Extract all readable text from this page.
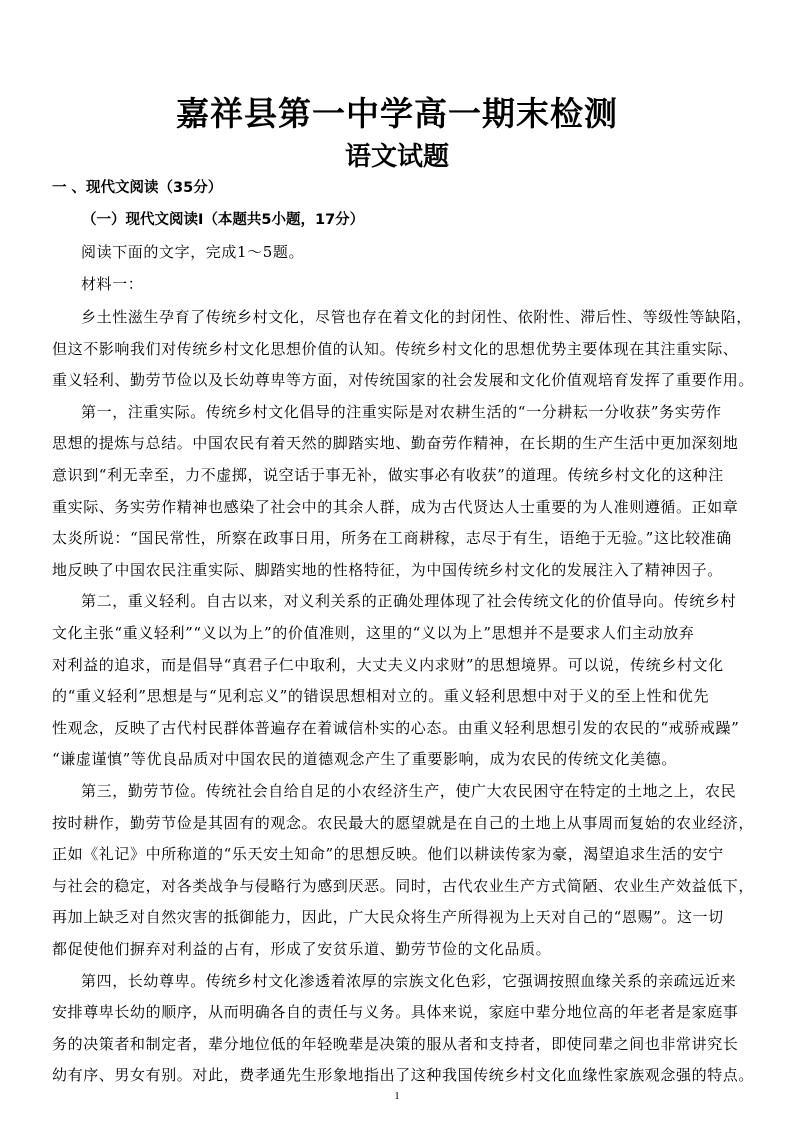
嘉祥县第一中学高一期末检测
语文试题
一 、现代文阅读（35分）
（一）现代文阅读Ⅰ（本题共5小题，17分）
阅读下面的文字，完成1～5题。
材料一：
乡土性滋生孕育了传统乡村文化，尽管也存在着文化的封闭性、依附性、滞后性、等级性等缺陷，
但这不影响我们对传统乡村文化思想价值的认知。传统乡村文化的思想优势主要体现在其注重实际、
重义轻利、勤劳节俭以及长幼尊卑等方面，对传统国家的社会发展和文化价值观培育发挥了重要作用。
第一，注重实际。传统乡村文化倡导的注重实际是对农耕生活的“一分耕耘一分收获”务实劳作
思想的提炼与总结。中国农民有着天然的脚踏实地、勤奋劳作精神，在长期的生产生活中更加深刻地
意识到“利无幸至，力不虚掷，说空话于事无补，做实事必有收获”的道理。传统乡村文化的这种注
重实际、务实劳作精神也感染了社会中的其余人群，成为古代贤达人士重要的为人准则遵循。正如章
太炎所说：“国民常性，所察在政事日用，所务在工商耕稼，志尽于有生，语绝于无验。”这比较准确
地反映了中国农民注重实际、脚踏实地的性格特征，为中国传统乡村文化的发展注入了精神因子。
第二，重义轻利。自古以来，对义利关系的正确处理体现了社会传统文化的价值导向。传统乡村
文化主张“重义轻利”“义以为上”的价值准则，这里的“义以为上”思想并不是要求人们主动放弃
对利益的追求，而是倡导“真君子仁中取利，大丈夫义内求财”的思想境界。可以说，传统乡村文化
的“重义轻利”思想是与“见利忘义”的错误思想相对立的。重义轻利思想中对于义的至上性和优先
性观念，反映了古代村民群体普遍存在着诚信朴实的心态。由重义轻利思想引发的农民的“戒骄戒躁”
“谦虚谨慎”等优良品质对中国农民的道德观念产生了重要影响，成为农民的传统文化美德。
第三，勤劳节俭。传统社会自给自足的小农经济生产，使广大农民困守在特定的土地之上，农民
按时耕作，勤劳节俭是其固有的观念。农民最大的愿望就是在自己的土地上从事周而复始的农业经济，
正如《礼记》中所称道的“乐天安土知命”的思想反映。他们以耕读传家为豪，渴望追求生活的安宁
与社会的稳定，对各类战争与侵略行为感到厌恶。同时，古代农业生产方式简陋、农业生产效益低下，
再加上缺乏对自然灾害的抵御能力，因此，广大民众将生产所得视为上天对自己的“恩赐”。这一切
都促使他们摒弃对利益的占有，形成了安贫乐道、勤劳节俭的文化品质。
第四，长幼尊卑。传统乡村文化渗透着浓厚的宗族文化色彩，它强调按照血缘关系的亲疏远近来
安排尊卑长幼的顺序，从而明确各自的责任与义务。具体来说，家庭中辈分地位高的年老者是家庭事
务的决策者和制定者，辈分地位低的年轻晚辈是决策的服从者和支持者，即使同辈之间也非常讲究长
1
幼有序、男女有别。对此，费孝通先生形象地指出了这种我国传统乡村文化血缘性家族观念强的特点。
